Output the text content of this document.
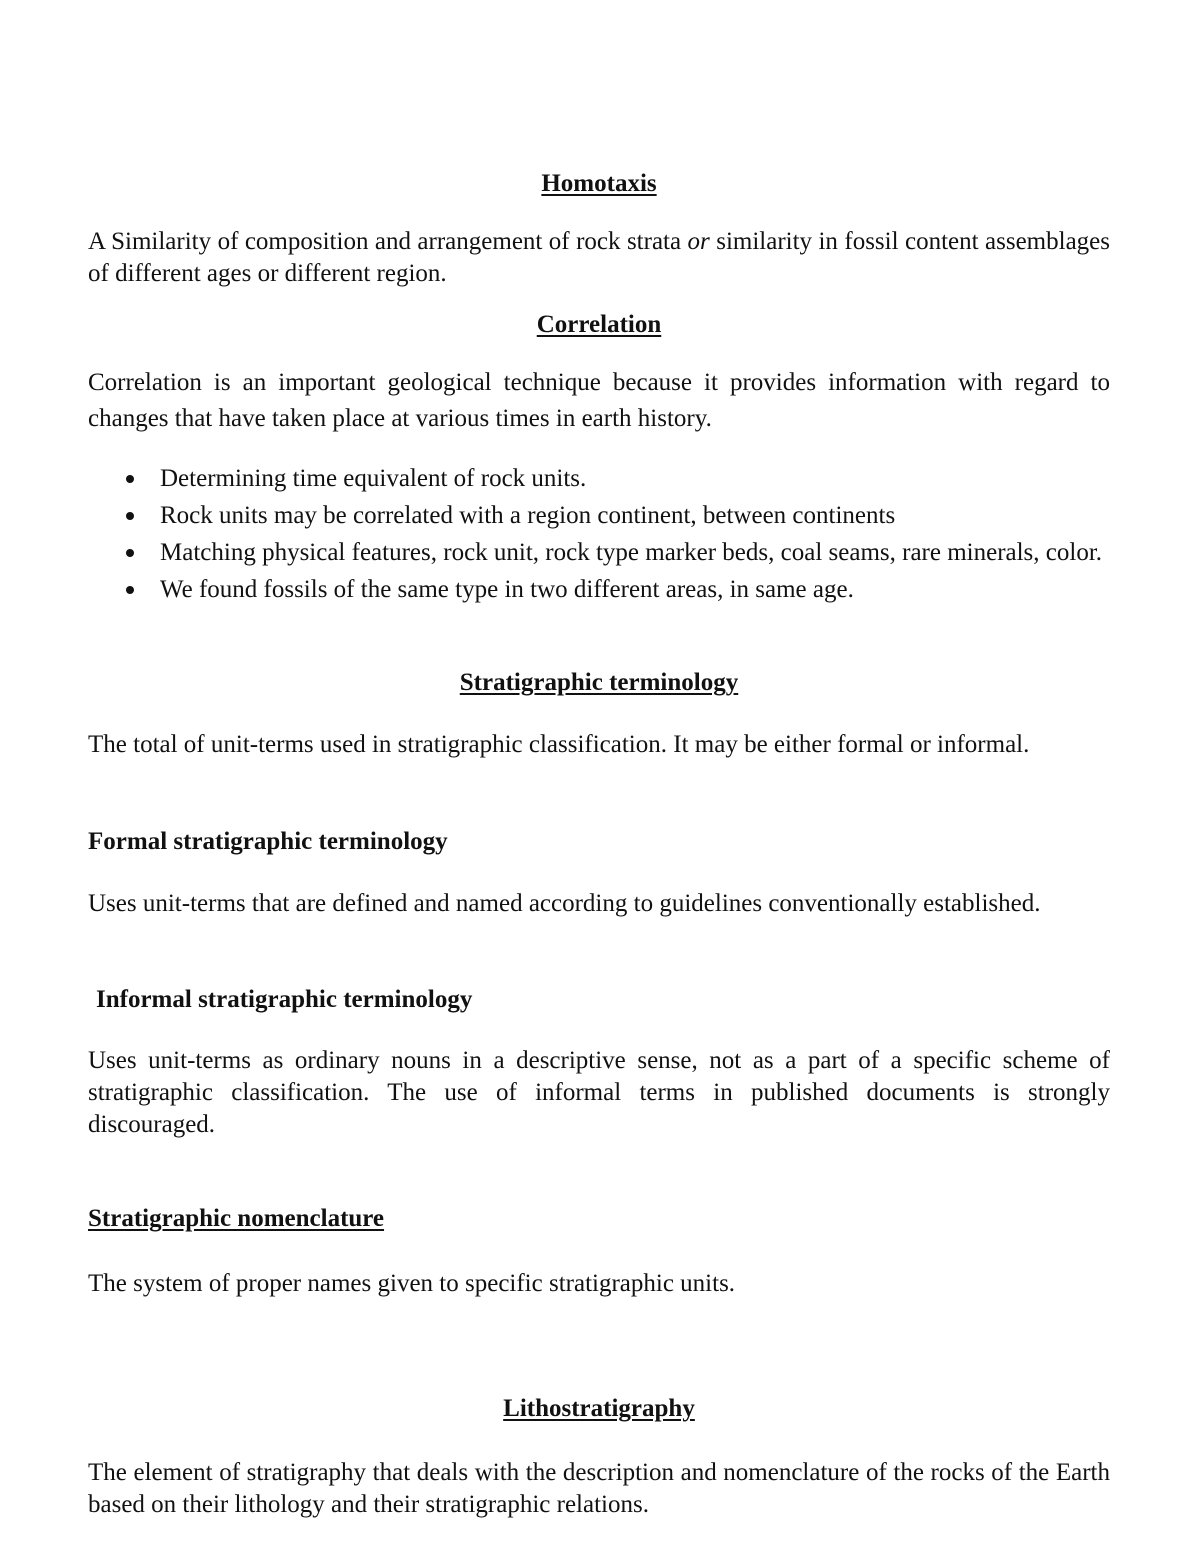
Homotaxis

A Similarity of composition and arrangement of rock strata or similarity in fossil content assemblages of different ages or different region.

Correlation

Correlation is an important geological technique because it provides information with regard to changes that have taken place at various times in earth history.

Determining time equivalent of rock units.
Rock units may be correlated with a region continent, between continents
Matching physical features, rock unit, rock type marker beds, coal seams, rare minerals, color.
We found fossils of the same type in two different areas, in same age.
Stratigraphic terminology

The total of unit-terms used in stratigraphic classification. It may be either formal or informal.

Formal stratigraphic terminology

Uses unit-terms that are defined and named according to guidelines conventionally established.

Informal stratigraphic terminology

Uses unit-terms as ordinary nouns in a descriptive sense, not as a part of a specific scheme of stratigraphic classification. The use of informal terms in published documents is strongly discouraged.

Stratigraphic nomenclature

The system of proper names given to specific stratigraphic units.

Lithostratigraphy

The element of stratigraphy that deals with the description and nomenclature of the rocks of the Earth based on their lithology and their stratigraphic relations.
